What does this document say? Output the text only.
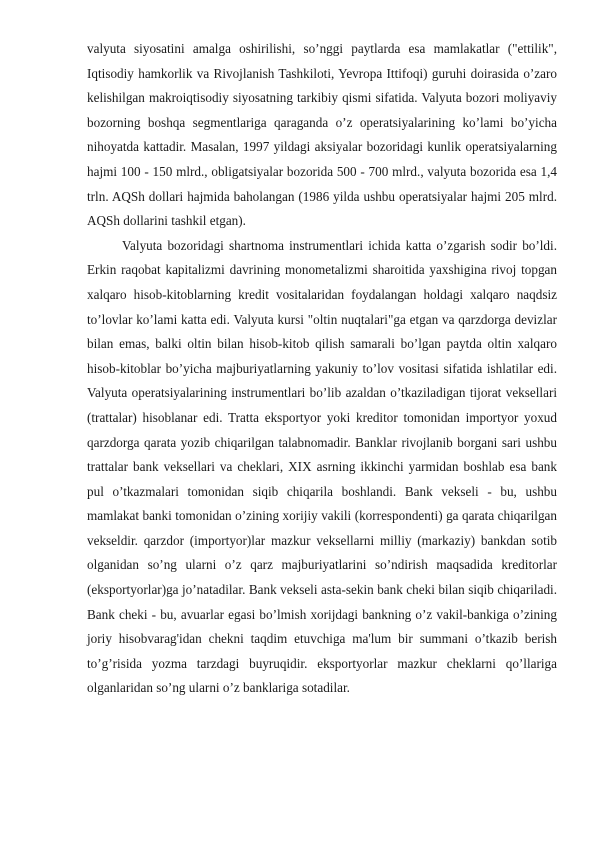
valyuta siyosatini amalga oshirilishi, so’nggi paytlarda esa mamlakatlar ("ettilik", Iqtisodiy hamkorlik va Rivojlanish Tashkiloti, Yevropa Ittifoqi) guruhi doirasida o’zaro kelishilgan makroiqtisodiy siyosatning tarkibiy qismi sifatida. Valyuta bozori moliyaviy bozorning boshqa segmentlariga qaraganda o’z operatsiyalarining ko’lami bo’yicha nihoyatda kattadir. Masalan, 1997 yildagi aksiyalar bozoridagi kunlik operatsiyalarning hajmi 100 - 150 mlrd., obligatsiyalar bozorida 500 - 700 mlrd., valyuta bozorida esa 1,4 trln. AQSh dollari hajmida baholangan (1986 yilda ushbu operatsiyalar hajmi 205 mlrd. AQSh dollarini tashkil etgan).

Valyuta bozoridagi shartnoma instrumentlari ichida katta o’zgarish sodir bo’ldi. Erkin raqobat kapitalizmi davrining monometalizmi sharoitida yaxshigina rivoj topgan xalqaro hisob-kitoblarning kredit vositalaridan foydalangan holdagi xalqaro naqdsiz to’lovlar ko’lami katta edi. Valyuta kursi "oltin nuqtalari"ga etgan va qarzdorga devizlar bilan emas, balki oltin bilan hisob-kitob qilish samarali bo’lgan paytda oltin xalqaro hisob-kitoblar bo’yicha majburiyatlarning yakuniy to’lov vositasi sifatida ishlatilar edi. Valyuta operatsiyalarining instrumentlari bo’lib azaldan o’tkaziladigan tijorat veksellari (trattalar) hisoblanar edi. Tratta eksportyor yoki kreditor tomonidan importyor yoxud qarzdorga qarata yozib chiqarilgan talabnomadir. Banklar rivojlanib borgani sari ushbu trattalar bank veksellari va cheklari, XIX asrning ikkinchi yarmidan boshlab esa bank pul o’tkazmalari tomonidan siqib chiqarila boshlandi. Bank vekseli - bu, ushbu mamlakat banki tomonidan o’zining xorijiy vakili (korrespondenti) ga qarata chiqarilgan vekseldir. qarzdor (importyor)lar mazkur veksellarni milliy (markaziy) bankdan sotib olganidan so’ng ularni o’z qarz majburiyatlarini so’ndirish maqsadida kreditorlar (eksportyorlar)ga jo’natadilar. Bank vekseli asta-sekin bank cheki bilan siqib chiqariladi. Bank cheki - bu, avuarlar egasi bo’lmish xorijdagi bankning o’z vakil-bankiga o’zining joriy hisobvarag'idan chekni taqdim etuvchiga ma'lum bir summani o’tkazib berish to’g’risida yozma tarzdagi buyruqidir. eksportyorlar mazkur cheklarni qo’llariga olganlaridan so’ng ularni o’z banklariga sotadilar.
